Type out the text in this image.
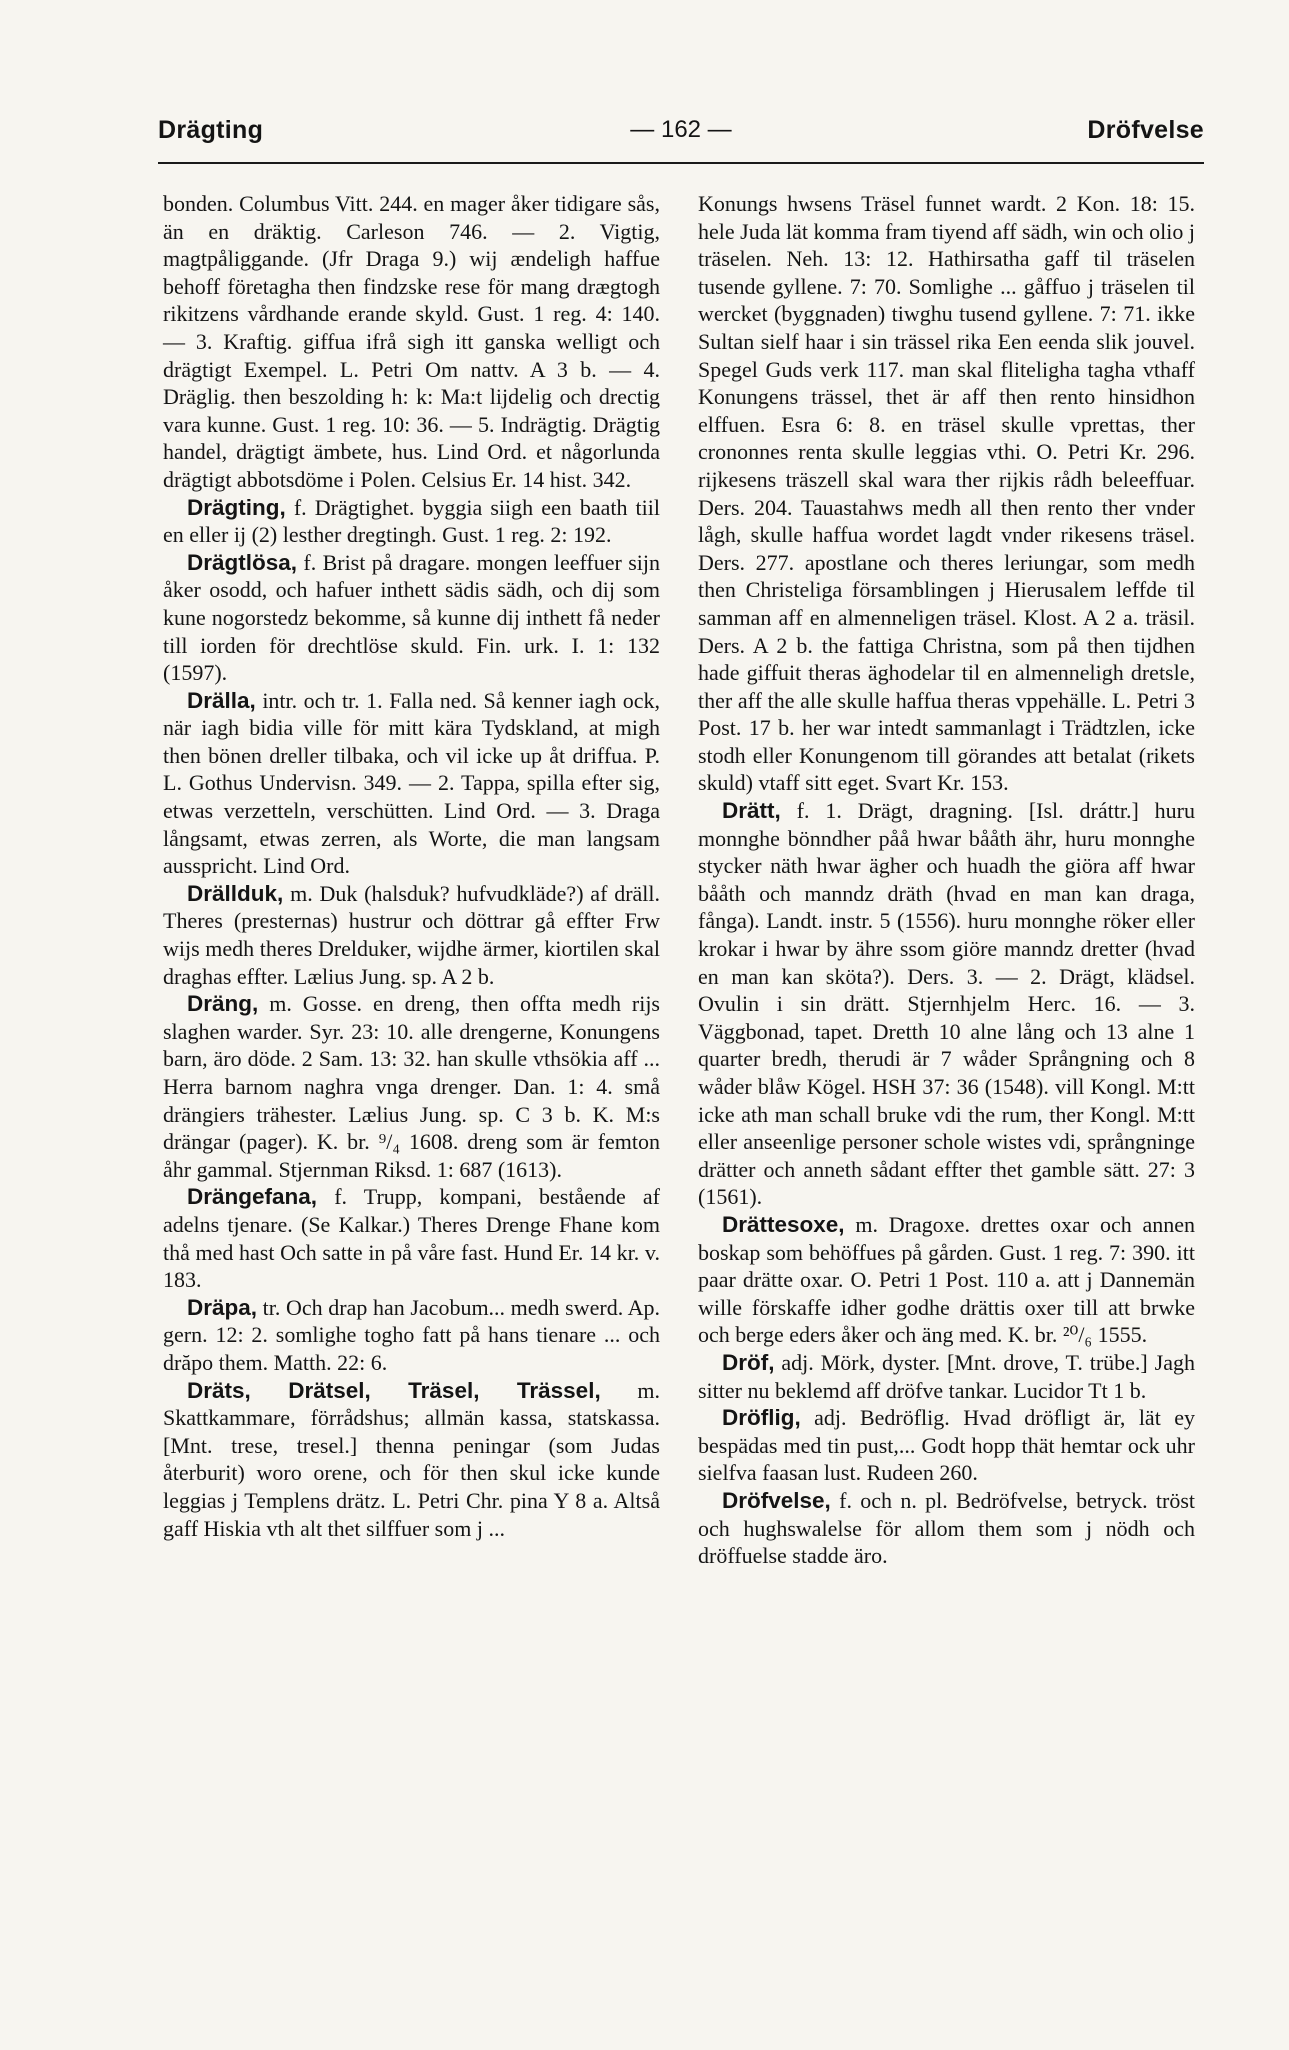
Drägting	— 162 —	Dröfvelse

bonden. Columbus Vitt. 244. en mager åker tidigare sås, än en dräktig. Carleson 746. — 2. Vigtig, magtpåliggande. (Jfr Draga 9.) wij ændeligh haffue behoff företagha then findzske rese för mang drægtogh rikitzens vårdhande erande skyld. Gust. 1 reg. 4: 140. — 3. Kraftig. giffua ifrå sigh itt ganska welligt och drägtigt Exempel. L. Petri Om nattv. A 3 b. — 4. Dräglig. then beszolding h: k: Ma:t lijdelig och drectig vara kunne. Gust. 1 reg. 10: 36. — 5. Indrägtig. Drägtig handel, drägtigt ämbete, hus. Lind Ord. et någorlunda drägtigt abbotsdöme i Polen. Celsius Er. 14 hist. 342.

Drägting, f. Drägtighet. byggia siigh een baath tiil en eller ij (2) lesther dregtingh. Gust. 1 reg. 2: 192.

Drägtlösa, f. Brist på dragare. mongen leeffuer sijn åker osodd, och hafuer inthett sädis sädh, och dij som kune nogorstedz bekomme, så kunne dij inthett få neder till iorden för drechtlöse skuld. Fin. urk. I. 1: 132 (1597).

Drälla, intr. och tr. 1. Falla ned. Så kenner iagh ock, när iagh bidia ville för mitt kära Tydskland, at migh then bönen dreller tilbaka, och vil icke up åt driffua. P. L. Gothus Undervisn. 349. — 2. Tappa, spilla efter sig, etwas verzetteln, verschütten. Lind Ord. — 3. Draga långsamt, etwas zerren, als Worte, die man langsam ausspricht. Lind Ord.

Drällduk, m. Duk (halsduk? hufvudkläde?) af dräll. Theres (presternas) hustrur och döttrar gå effter Frw wijs medh theres Drelduker, wijdhe ärmer, kiortilen skal draghas effter. Lælius Jung. sp. A 2 b.

Dräng, m. Gosse. en dreng, then offta medh rijs slaghen warder. Syr. 23: 10. alle drengerne, Konungens barn, äro döde. 2 Sam. 13: 32. han skulle vthsökia aff ... Herra barnom naghra vnga drenger. Dan. 1: 4. små drängiers trähester. Lælius Jung. sp. C 3 b. K. M:s drängar (pager). K. br. ⁹/₄ 1608. dreng som är femton åhr gammal. Stjernman Riksd. 1: 687 (1613).

Drängefana, f. Trupp, kompani, bestående af adelns tjenare. (Se Kalkar.) Theres Drenge Fhane kom thå med hast Och satte in på våre fast. Hund Er. 14 kr. v. 183.

Dräpa, tr. Och drap han Jacobum... medh swerd. Ap. gern. 12: 2. somlighe togho fatt på hans tienare ... och drăpo them. Matth. 22: 6.

Dräts, Drätsel, Träsel, Trässel, m. Skattkammare, förrådshus; allmän kassa, statskassa. [Mnt. trese, tresel.] thenna peningar (som Judas återburit) woro orene, och för then skul icke kunde leggias j Templens drätz. L. Petri Chr. pina Y 8 a. Altså gaff Hiskia vth alt thet silffuer som j ...

Konungs hwsens Träsel funnet wardt. 2 Kon. 18: 15. hele Juda lät komma fram tiyend aff sädh, win och olio j träselen. Neh. 13: 12. Hathirsatha gaff til träselen tusende gyllene. 7: 70. Somlighe ... gåffuo j träselen til wercket (byggnaden) tiwghu tusend gyllene. 7: 71. ikke Sultan sielf haar i sin trässel rika Een eenda slik jouvel. Spegel Guds verk 117. man skal fliteligha tagha vthaff Konungens trässel, thet är aff then rento hinsidhon elffuen. Esra 6: 8. en träsel skulle vprettas, ther crononnes renta skulle leggias vthi. O. Petri Kr. 296. rijkesens träszell skal wara ther rijkis rådh beleeffuar. Ders. 204. Tauastahws medh all then rento ther vnder lågh, skulle haffua wordet lagdt vnder rikesens träsel. Ders. 277. apostlane och theres leriungar, som medh then Christeliga församblingen j Hierusalem leffde til samman aff en almenneligen träsel. Klost. A 2 a. träsil. Ders. A 2 b. the fattiga Christna, som på then tijdhen hade giffuit theras äghodelar til en almenneligh dretsle, ther aff the alle skulle haffua theras vppehälle. L. Petri 3 Post. 17 b. her war intedt sammanlagt i Trädtzlen, icke stodh eller Konungenom till görandes att betalat (rikets skuld) vtaff sitt eget. Svart Kr. 153.

Drätt, f. 1. Drägt, dragning. [Isl. dráttr.] huru monnghe bönndher påå hwar bååth ähr, huru monnghe stycker näth hwar ägher och huadh the giöra aff hwar bååth och manndz dräth (hvad en man kan draga, fånga). Landt. instr. 5 (1556). huru monnghe röker eller krokar i hwar by ähre ssom giöre manndz dretter (hvad en man kan sköta?). Ders. 3. — 2. Drägt, klädsel. Ovulin i sin drätt. Stjernhjelm Herc. 16. — 3. Väggbonad, tapet. Dretth 10 alne lång och 13 alne 1 quarter bredh, therudi är 7 wåder Språngning och 8 wåder blåw Kögel. HSH 37: 36 (1548). vill Kongl. M:tt icke ath man schall bruke vdi the rum, ther Kongl. M:tt eller anseenlige personer schole wistes vdi, språngninge drätter och anneth sådant effter thet gamble sätt. 27: 3 (1561).

Drättesoxe, m. Dragoxe. drettes oxar och annen boskap som behöffues på gården. Gust. 1 reg. 7: 390. itt paar drätte oxar. O. Petri 1 Post. 110 a. att j Dannemän wille förskaffe idher godhe drättis oxer till att brwke och berge eders åker och äng med. K. br. ²⁰/₆ 1555.

Dröf, adj. Mörk, dyster. [Mnt. drove, T. trübe.] Jagh sitter nu beklemd aff dröfve tankar. Lucidor Tt 1 b.

Dröflig, adj. Bedröflig. Hvad dröfligt är, lät ey bespädas med tin pust,... Godt hopp thät hemtar ock uhr sielfva faasan lust. Rudeen 260.

Dröfvelse, f. och n. pl. Bedröfvelse, betryck. tröst och hughswalelse för allom them som j nödh och dröffuelse stadde äro.
